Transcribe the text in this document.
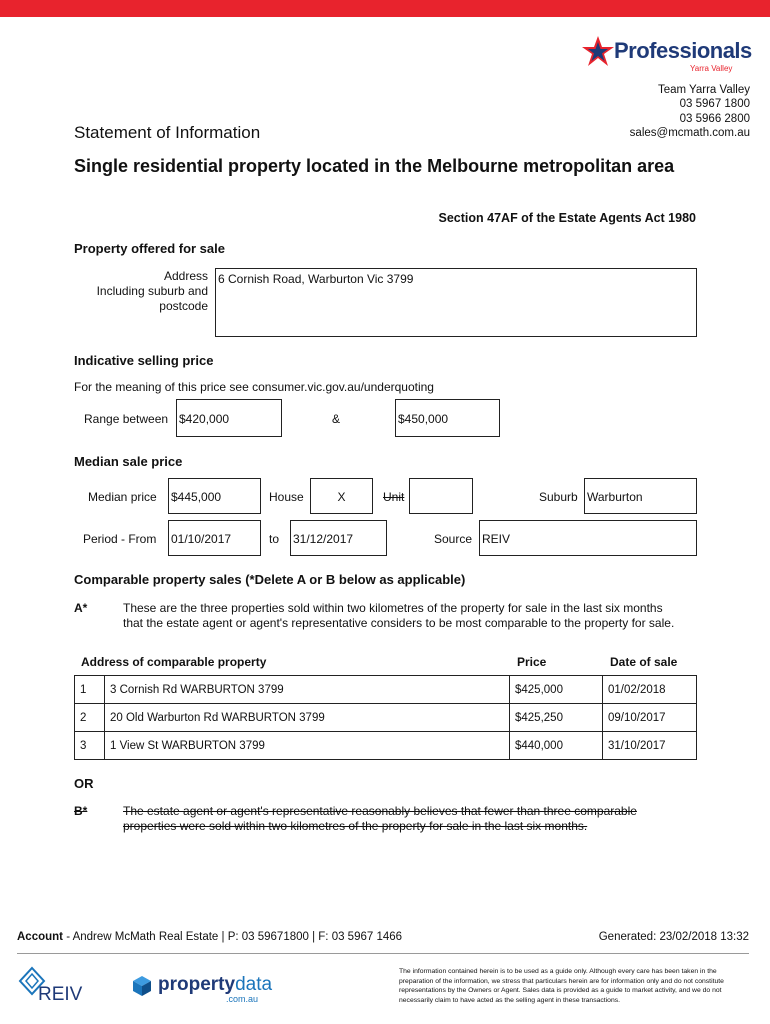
Professionals
Yarra Valley
Team Yarra Valley
03 5967 1800
03 5966 2800
sales@mcmath.com.au
Statement of Information
Single residential property located in the Melbourne metropolitan area
Section 47AF of the Estate Agents Act 1980
Property offered for sale
Address
Including suburb and
postcode
6 Cornish Road, Warburton Vic 3799
Indicative selling price
For the meaning of this price see consumer.vic.gov.au/underquoting
Range between $420,000	&	$450,000
Median sale price
Median price $445,000	House	X	Unit	Suburb Warburton
Period - From 01/10/2017	to 31/12/2017	Source REIV
Comparable property sales (*Delete A or B below as applicable)
A*	These are the three properties sold within two kilometres of the property for sale in the last six months that the estate agent or agent's representative considers to be most comparable to the property for sale.
Address of comparable property	Price	Date of sale
1	3 Cornish Rd WARBURTON 3799	$425,000	01/02/2018
2	20 Old Warburton Rd WARBURTON 3799	$425,250	09/10/2017
3	1 View St WARBURTON 3799	$440,000	31/10/2017
OR
B*	The estate agent or agent's representative reasonably believes that fewer than three comparable properties were sold within two kilometres of the property for sale in the last six months.
Account - Andrew McMath Real Estate | P: 03 59671800 | F: 03 5967 1466	Generated: 23/02/2018 13:32
REIV	propertydata
.com.au
The information contained herein is to be used as a guide only. Although every care has been taken in the preparation of the information, we stress that particulars herein are for information only and do not constitute representations by the Owners or Agent. Sales data is provided as a guide to market activity, and we do not necessarily claim to have acted as the selling agent in these transactions.
